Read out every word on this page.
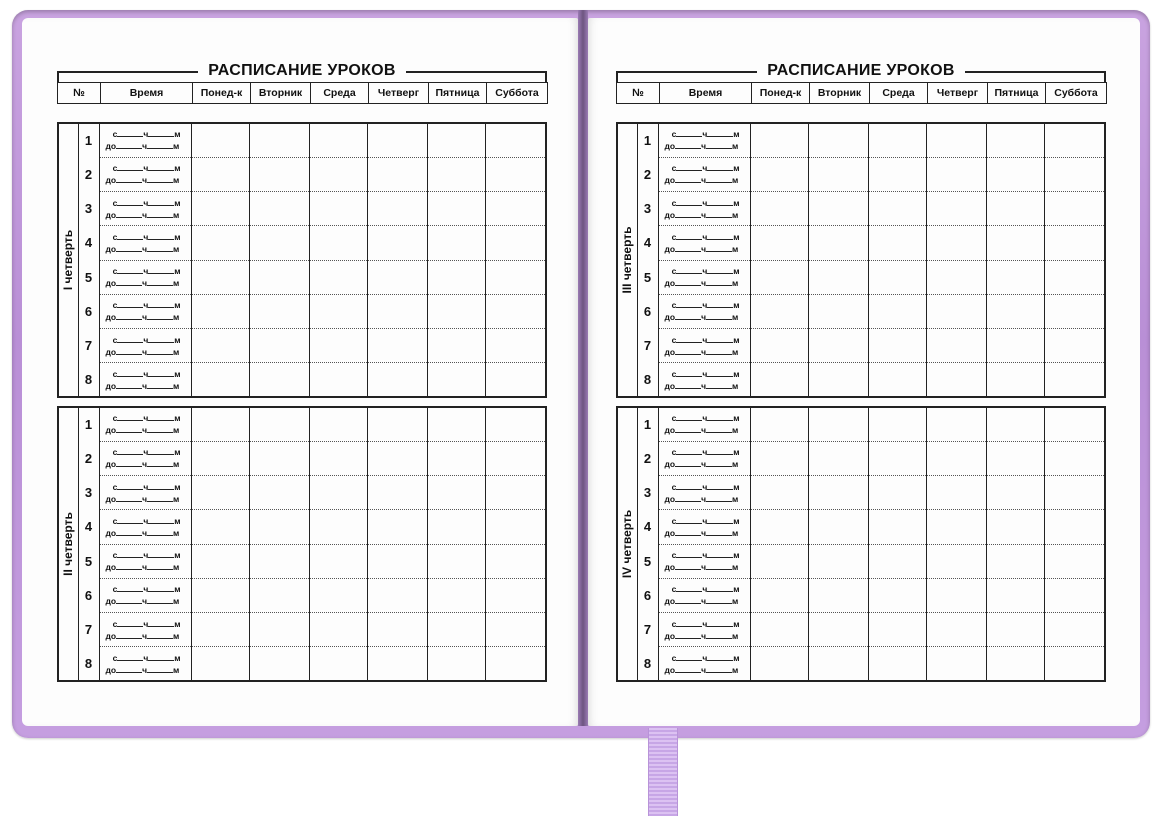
РАСПИСАНИЕ УРОКОВ
№	Время	Понед-к	Вторник	Среда	Четверг	Пятница	Суббота
I четверть	1	с ч м
до ч м						

	2	с ч м
до ч м						

	3	с ч м
до ч м						

	4	с ч м
до ч м						

	5	с ч м
до ч м						

	6	с ч м
до ч м						

	7	с ч м
до ч м						

	8	с ч м
до ч м						

II четверть	1	с ч м
до ч м						

	2	с ч м
до ч м						

	3	с ч м
до ч м						

	4	с ч м
до ч м						

	5	с ч м
до ч м						

	6	с ч м
до ч м						

	7	с ч м
до ч м						

	8	с ч м
до ч м						

РАСПИСАНИЕ УРОКОВ
№	Время	Понед-к	Вторник	Среда	Четверг	Пятница	Суббота
III четверть	1	с ч м
до ч м						

	2	с ч м
до ч м						

	3	с ч м
до ч м						

	4	с ч м
до ч м						

	5	с ч м
до ч м						

	6	с ч м
до ч м						

	7	с ч м
до ч м						

	8	с ч м
до ч м						

IV четверть	1	с ч м
до ч м						

	2	с ч м
до ч м						

	3	с ч м
до ч м						

	4	с ч м
до ч м						

	5	с ч м
до ч м						

	6	с ч м
до ч м						

	7	с ч м
до ч м						

	8	с ч м
до ч м						
